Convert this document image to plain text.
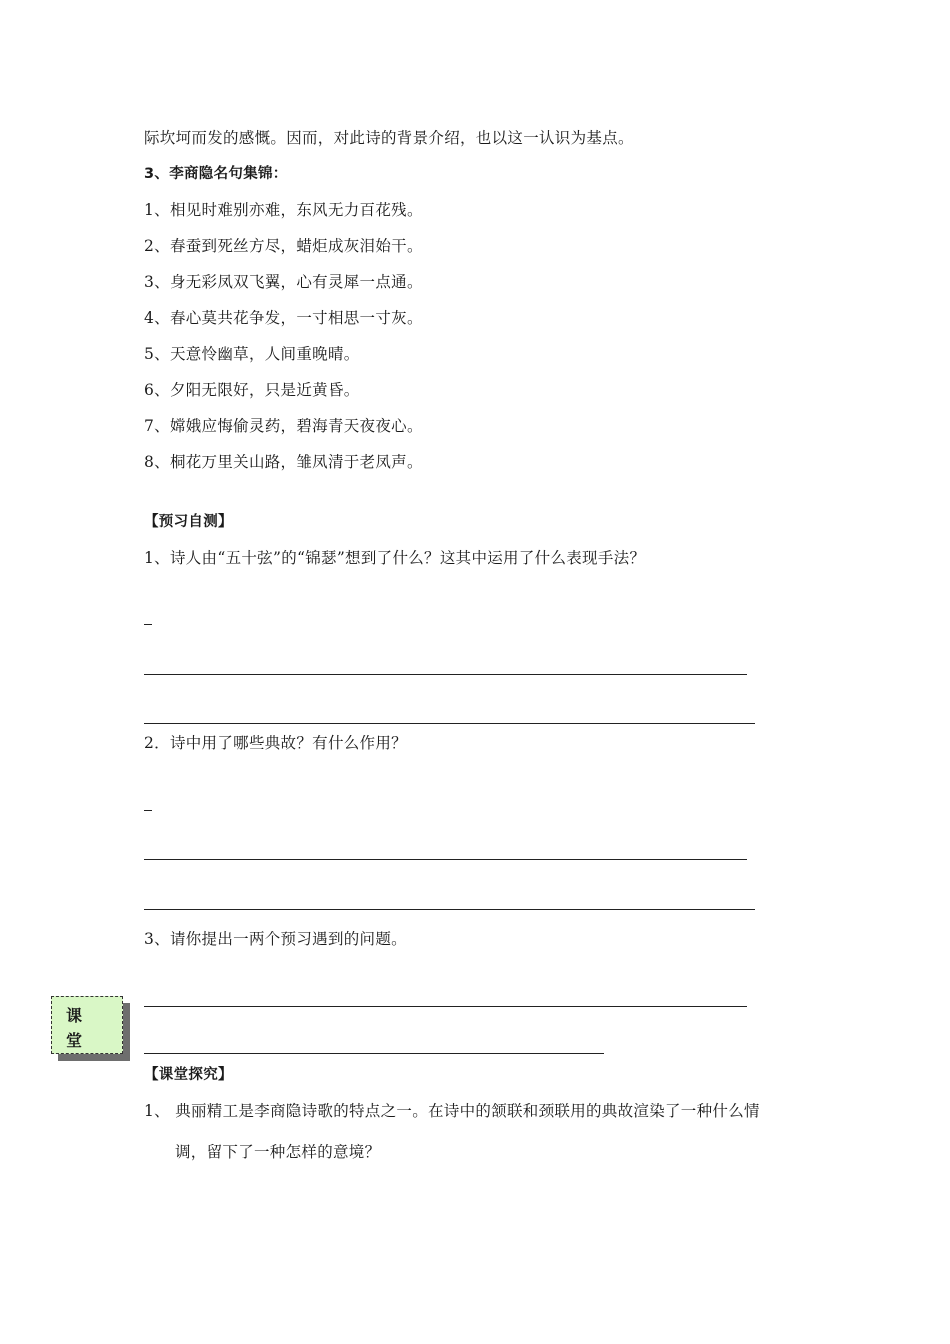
际坎坷而发的感慨。因而，对此诗的背景介绍，也以这一认识为基点。
3、李商隐名句集锦：
1、相见时难别亦难，东风无力百花残。
2、春蚕到死丝方尽，蜡炬成灰泪始干。
3、身无彩凤双飞翼，心有灵犀一点通。
4、春心莫共花争发，一寸相思一寸灰。
5、天意怜幽草，人间重晚晴。
6、夕阳无限好，只是近黄昏。
7、嫦娥应悔偷灵药，碧海青天夜夜心。
8、桐花万里关山路，雏凤清于老凤声。
【预习自测】
1、诗人由“五十弦”的“锦瑟”想到了什么？这其中运用了什么表现手法？
2．诗中用了哪些典故？有什么作用？
3、请你提出一两个预习遇到的问题。
课
堂
【课堂探究】
1、 典丽精工是李商隐诗歌的特点之一。在诗中的颔联和颈联用的典故渲染了一种什么情
调，留下了一种怎样的意境？
